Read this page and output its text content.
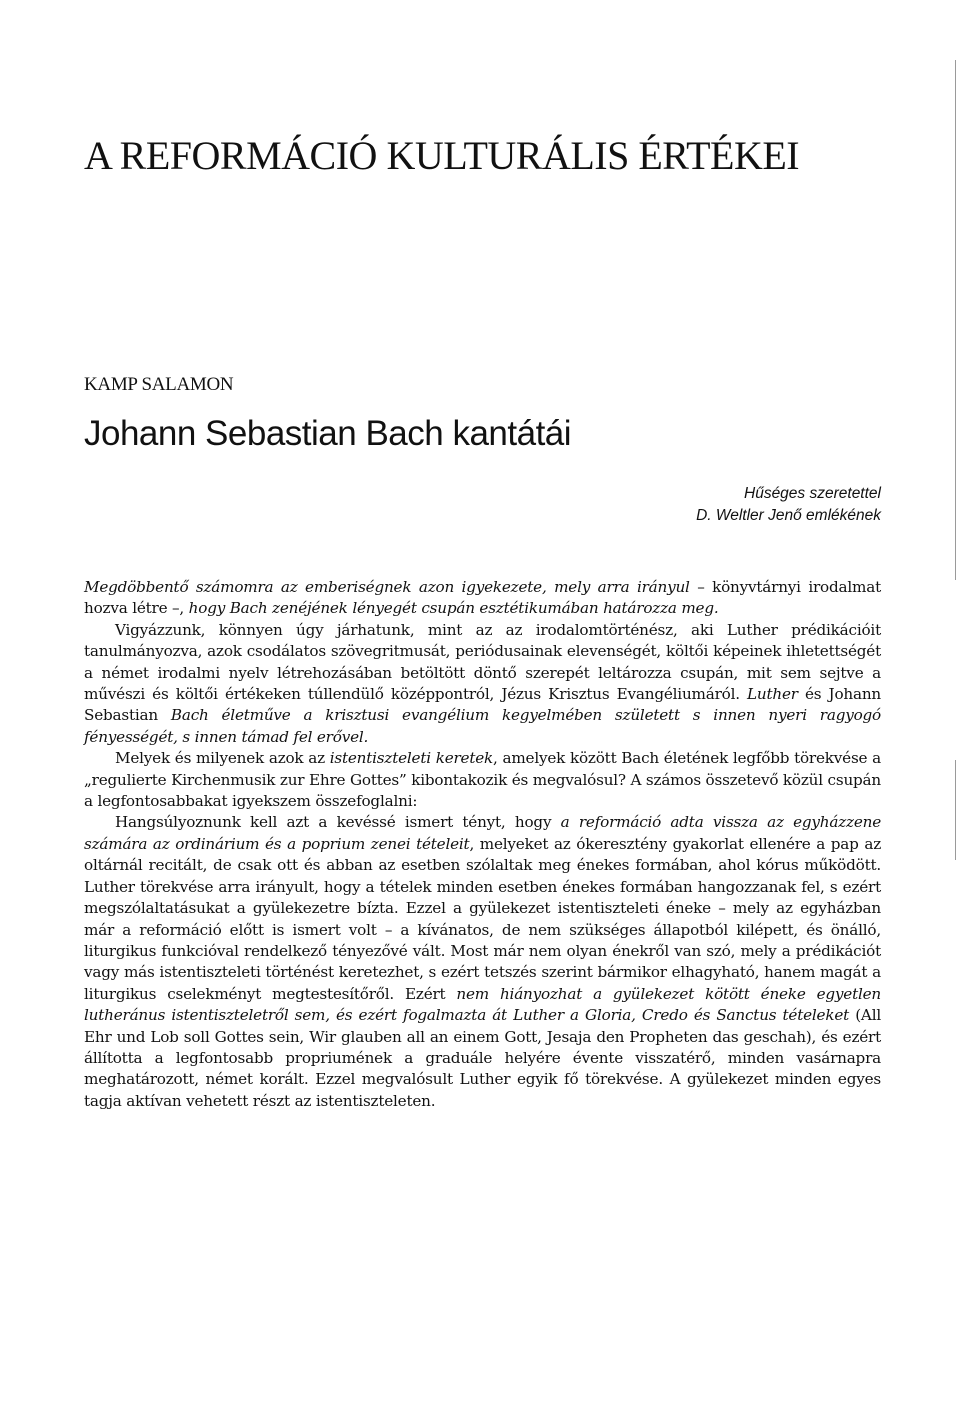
A REFORMÁCIÓ KULTURÁLIS ÉRTÉKEI
KAMP SALAMON
Johann Sebastian Bach kantátái
Hűséges szeretettel
D. Weltler Jenő emlékének

Megdöbbentő számomra az emberiségnek azon igyekezete, mely arra irányul – könyvtárnyi irodalmat hozva létre –, hogy Bach zenéjének lényegét csupán esztétikumában határozza meg.

Vigyázzunk, könnyen úgy járhatunk, mint az az irodalomtörténész, aki Luther prédikációit tanulmányozva, azok csodálatos szövegritmusát, periódusainak elevenségét, költői képeinek ihletettségét a német irodalmi nyelv létrehozásában betöltött döntő szerepét leltározza csupán, mit sem sejtve a művészi és költői értékeken túllendülő középpontról, Jézus Krisztus Evangéliumáról. Luther és Johann Sebastian Bach életműve a krisztusi evangélium kegyelmében született s innen nyeri ragyogó fényességét, s innen támad fel erővel.

Melyek és milyenek azok az istentiszteleti keretek, amelyek között Bach életének legfőbb törekvése a „regulierte Kirchenmusik zur Ehre Gottes” kibontakozik és megvalósul? A számos összetevő közül csupán a legfontosabbakat igyekszem összefoglalni:

Hangsúlyoznunk kell azt a kevéssé ismert tényt, hogy a reformáció adta vissza az egyházzene számára az ordinárium és a poprium zenei tételeit, melyeket az ókeresztény gyakorlat ellenére a pap az oltárnál recitált, de csak ott és abban az esetben szólaltak meg énekes formában, ahol kórus működött. Luther törekvése arra irányult, hogy a tételek minden esetben énekes formában hangozzanak fel, s ezért megszólaltatásukat a gyülekezetre bízta. Ezzel a gyülekezet istentiszteleti éneke – mely az egyházban már a reformáció előtt is ismert volt – a kívánatos, de nem szükséges állapotból kilépett, és önálló, liturgikus funkcióval rendelkező tényezővé vált. Most már nem olyan énekről van szó, mely a prédikációt vagy más istentiszteleti történést keretezhet, s ezért tetszés szerint bármikor elhagyható, hanem magát a liturgikus cselekményt megtestesítőről. Ezért nem hiányozhat a gyülekezet kötött éneke egyetlen lutheránus istentiszteletről sem, és ezért fogalmazta át Luther a Gloria, Credo és Sanctus tételeket (All Ehr und Lob soll Gottes sein, Wir glauben all an einem Gott, Jesaja den Propheten das geschah), és ezért állította a legfontosabb propriumének a graduále helyére évente visszatérő, minden vasárnapra meghatározott, német korált. Ezzel megvalósult Luther egyik fő törekvése. A gyülekezet minden egyes tagja aktívan vehetett részt az istentiszteleten.
